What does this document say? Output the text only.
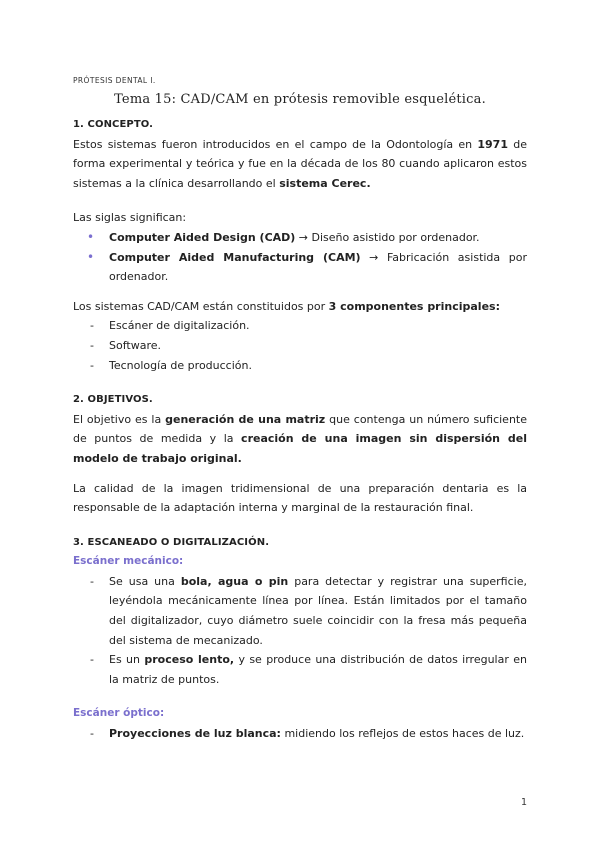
PRÓTESIS DENTAL I.
Tema 15: CAD/CAM en prótesis removible esquelética.

1. CONCEPTO.

Estos sistemas fueron introducidos en el campo de la Odontología en 1971 de forma experimental y teórica y fue en la década de los 80 cuando aplicaron estos sistemas a la clínica desarrollando el sistema Cerec.

Las siglas significan:

• Computer Aided Design (CAD) → Diseño asistido por ordenador.
• Computer Aided Manufacturing (CAM) → Fabricación asistida por ordenador.

Los sistemas CAD/CAM están constituidos por 3 componentes principales:

- Escáner de digitalización.
- Software.
- Tecnología de producción.

2. OBJETIVOS.

El objetivo es la generación de una matriz que contenga un número suficiente de puntos de medida y la creación de una imagen sin dispersión del modelo de trabajo original.

La calidad de la imagen tridimensional de una preparación dentaria es la responsable de la adaptación interna y marginal de la restauración final.

3. ESCANEADO O DIGITALIZACIÓN.

Escáner mecánico:

- Se usa una bola, agua o pin para detectar y registrar una superficie, leyéndola mecánicamente línea por línea. Están limitados por el tamaño del digitalizador, cuyo diámetro suele coincidir con la fresa más pequeña del sistema de mecanizado.
- Es un proceso lento, y se produce una distribución de datos irregular en la matriz de puntos.

Escáner óptico:

- Proyecciones de luz blanca: midiendo los reflejos de estos haces de luz.
1
